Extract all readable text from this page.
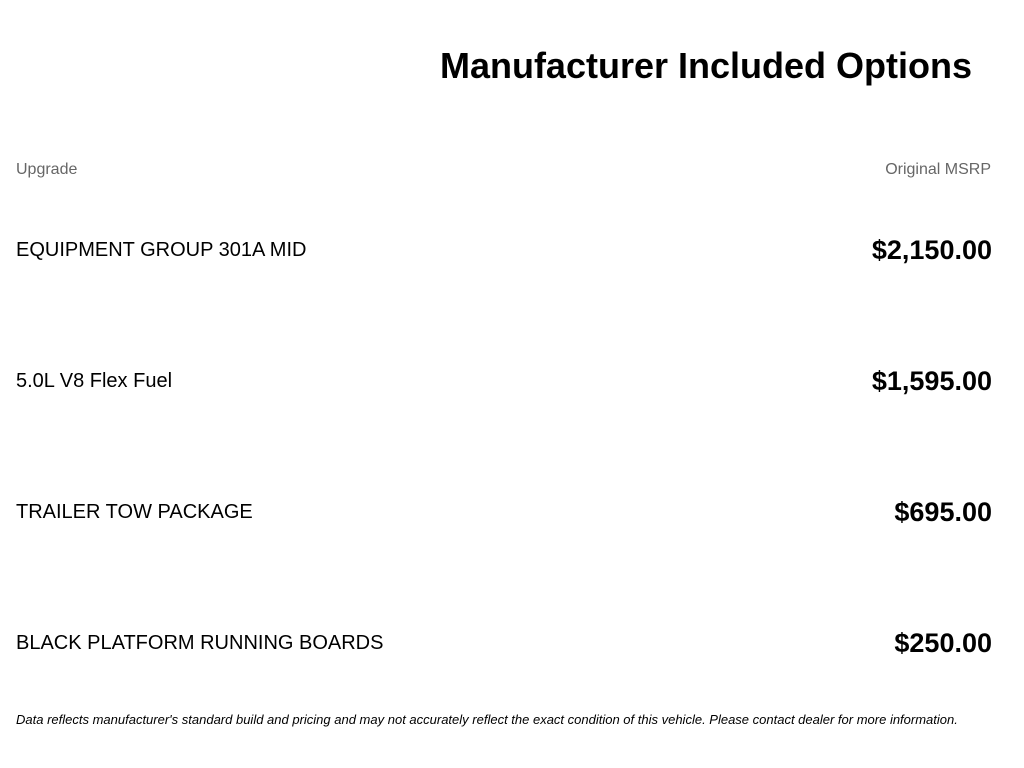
Manufacturer Included Options
Upgrade	Original MSRP
EQUIPMENT GROUP 301A MID	$2,150.00
5.0L V8 Flex Fuel	$1,595.00
TRAILER TOW PACKAGE	$695.00
BLACK PLATFORM RUNNING BOARDS	$250.00

Data reflects manufacturer's standard build and pricing and may not accurately reflect the exact condition of this vehicle. Please contact dealer for more information.
